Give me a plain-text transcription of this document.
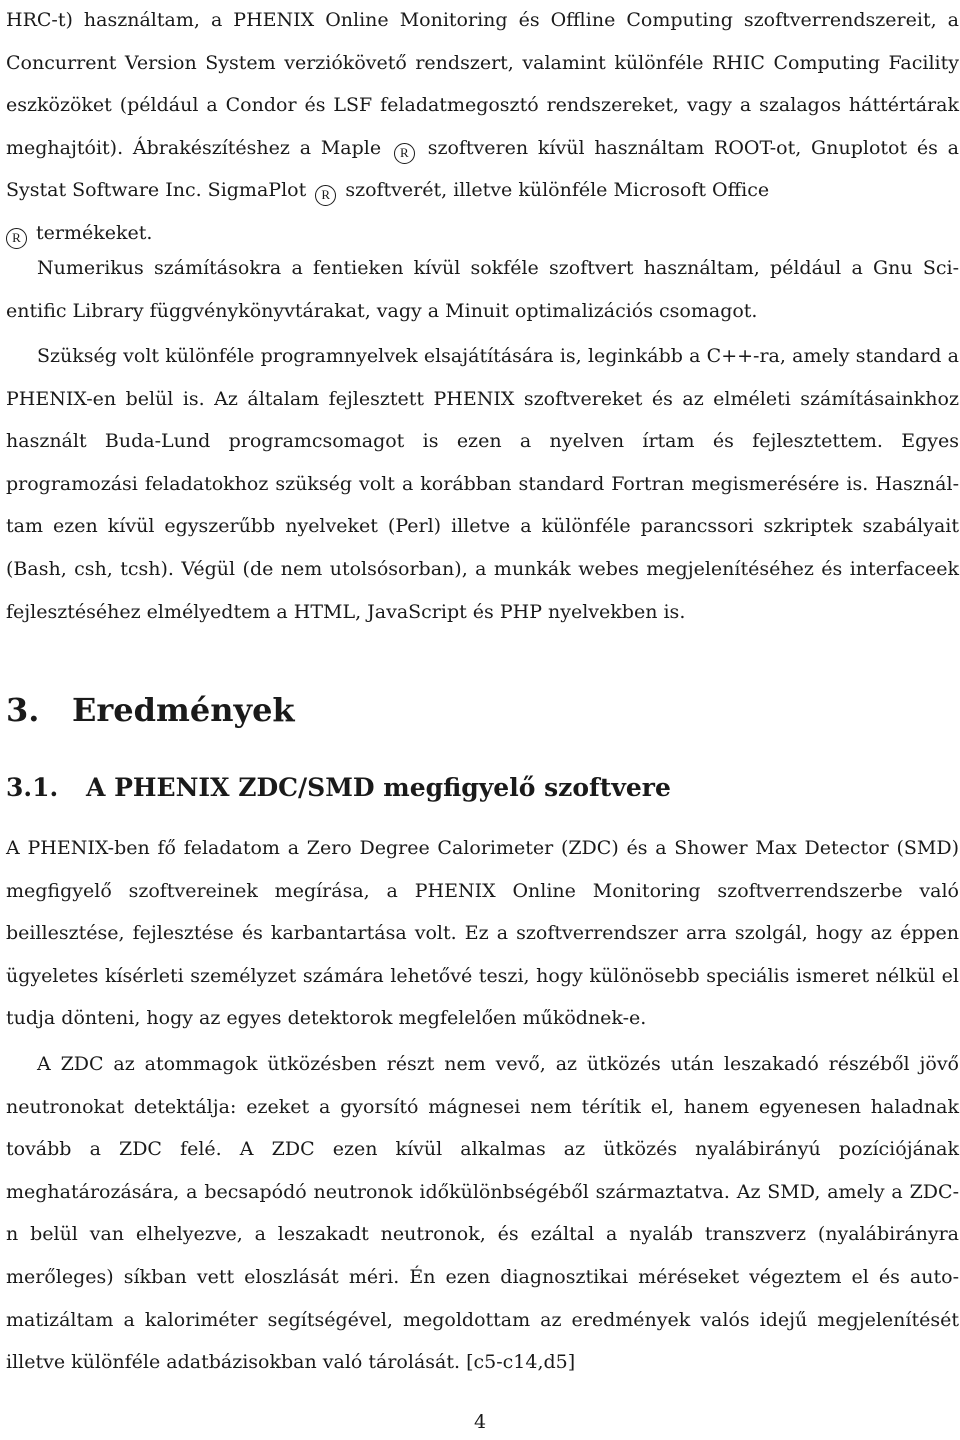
HRC-t) használtam, a PHENIX Online Monitoring és Offline Computing szoftverrendszereit, a Concurrent Version System verziókövető rendszert, valamint különféle RHIC Computing Facility eszközöket (például a Condor és LSF feladatmegosztó rendszereket, vagy a szalagos háttértárak meghajtóit). Ábrakészítéshez a Maple R szoftveren kívül használtam ROOT-ot, Gnuplotot és a Systat Software Inc. SigmaPlot R szoftverét, illetve különféle Microsoft Office
R termékeket.

Numerikus számításokra a fentieken kívül sokféle szoftvert használtam, például a Gnu Scientific Library függvénykönyvtárakat, vagy a Minuit optimalizációs csomagot.

Szükség volt különféle programnyelvek elsajátítására is, leginkább a C++-ra, amely standard a PHENIX-en belül is. Az általam fejlesztett PHENIX szoftvereket és az elméleti számításainkhoz használt Buda-Lund programcsomagot is ezen a nyelven írtam és fejlesztettem. Egyes programozási feladatokhoz szükség volt a korábban standard Fortran megismerésére is. Használtam ezen kívül egyszerűbb nyelveket (Perl) illetve a különféle parancssori szkriptek szabályait (Bash, csh, tcsh). Végül (de nem utolsósorban), a munkák webes megjelenítéséhez és interfaceek fejlesztéséhez elmélyedtem a HTML, JavaScript és PHP nyelvekben is.

3. Eredmények
3.1. A PHENIX ZDC/SMD megfigyelő szoftvere

A PHENIX-ben fő feladatom a Zero Degree Calorimeter (ZDC) és a Shower Max Detector (SMD) megfigyelő szoftvereinek megírása, a PHENIX Online Monitoring szoftverrendszerbe való beillesztése, fejlesztése és karbantartása volt. Ez a szoftverrendszer arra szolgál, hogy az éppen ügyeletes kísérleti személyzet számára lehetővé teszi, hogy különösebb speciális ismeret nélkül el tudja dönteni, hogy az egyes detektorok megfelelően működnek-e.

A ZDC az atommagok ütközésben részt nem vevő, az ütközés után leszakadó részéből jövő neutronokat detektálja: ezeket a gyorsító mágnesei nem térítik el, hanem egyenesen haladnak tovább a ZDC felé. A ZDC ezen kívül alkalmas az ütközés nyalábirányú pozíciójának meghatározására, a becsapódó neutronok időkülönbségéből származtatva. Az SMD, amely a ZDC-n belül van elhelyezve, a leszakadt neutronok, és ezáltal a nyaláb transzverz (nyalábirányra merőleges) síkban vett eloszlását méri. Én ezen diagnosztikai méréseket végeztem el és automatizáltam a kaloriméter segítségével, megoldottam az eredmények valós idejű megjelenítését illetve különféle adatbázisokban való tárolását. [c5-c14,d5]

4
